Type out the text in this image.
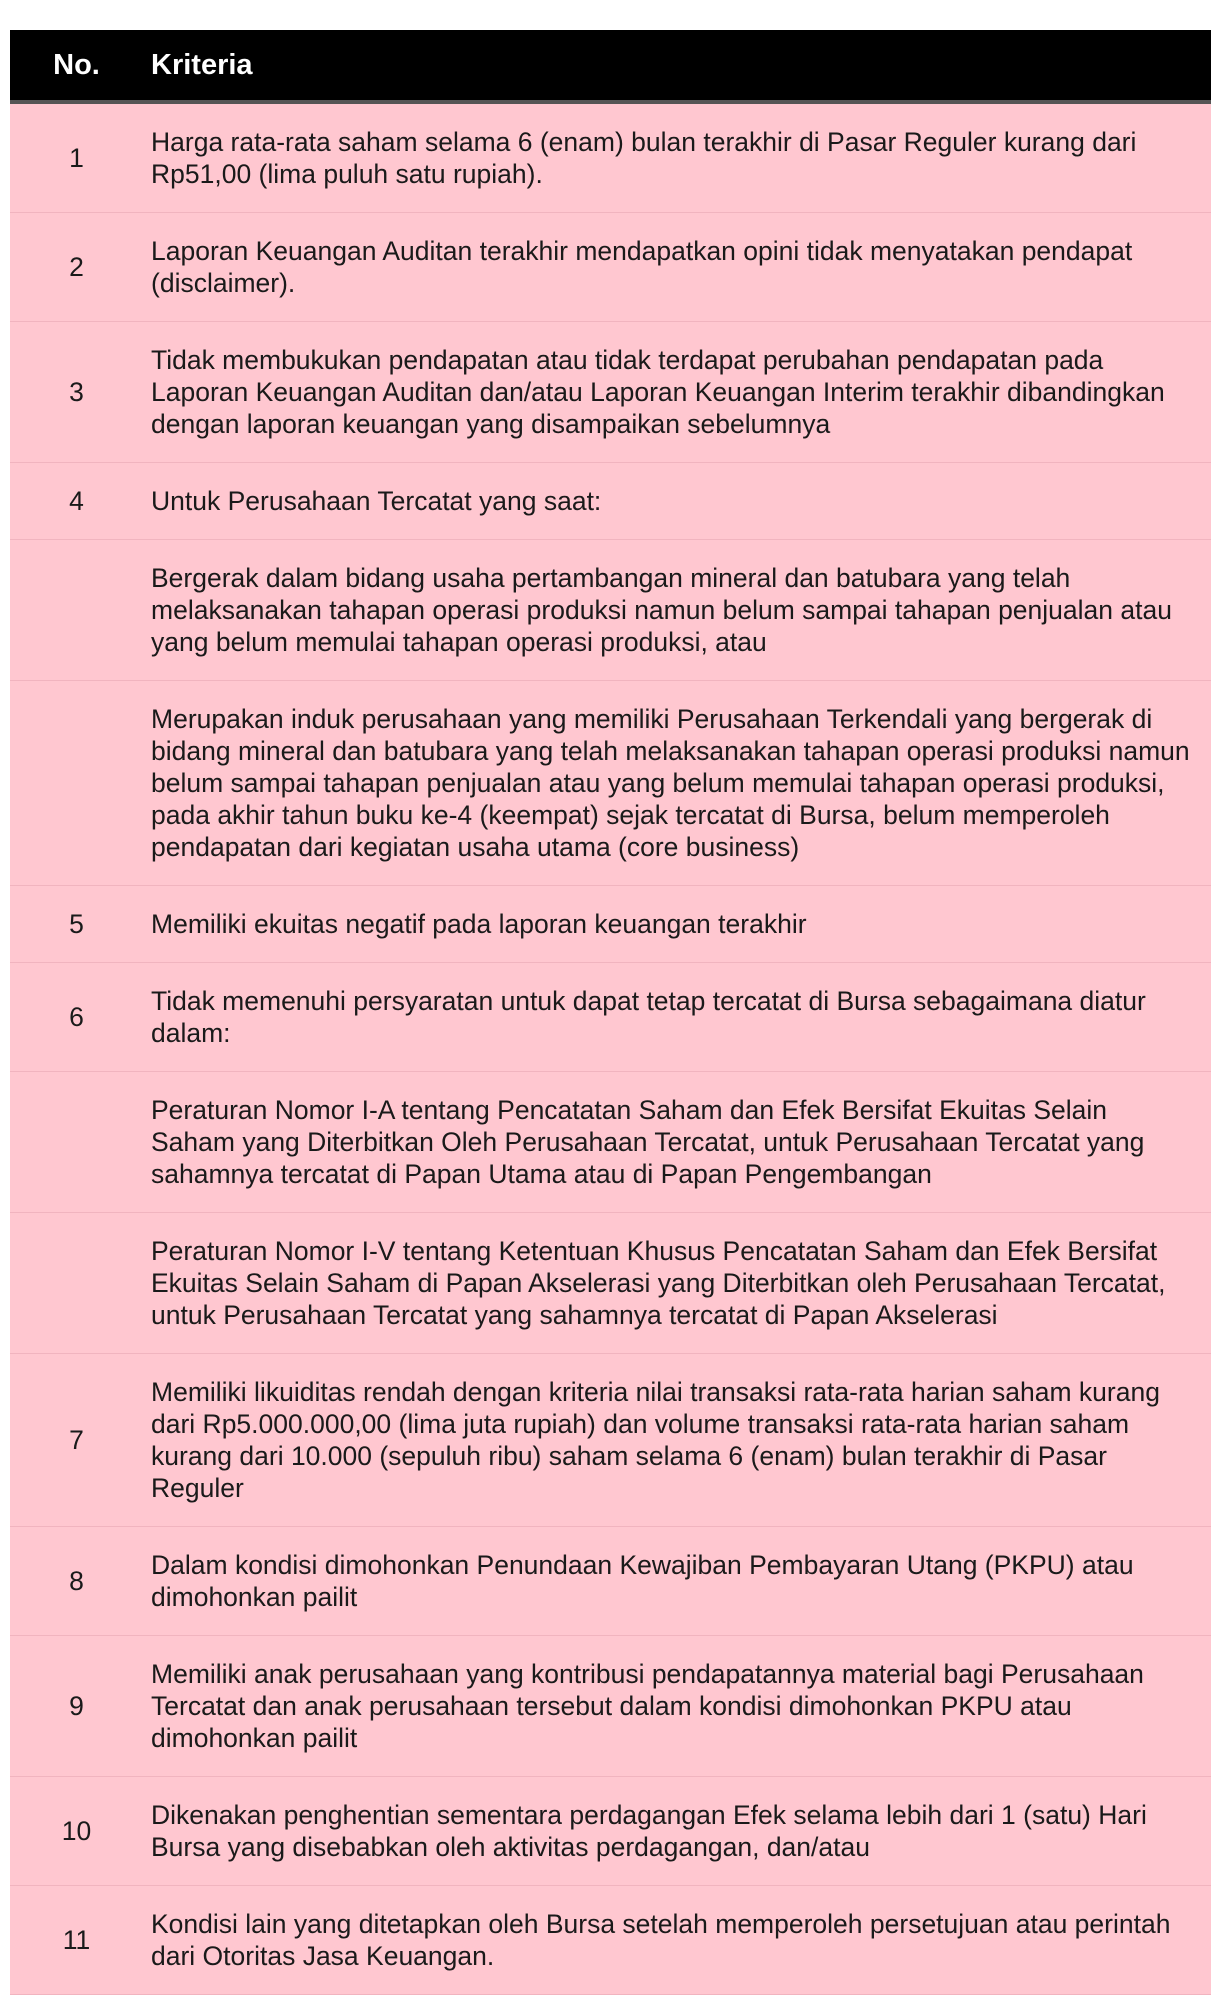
No.	Kriteria
1	Harga rata-rata saham selama 6 (enam) bulan terakhir di Pasar Reguler kurang dari Rp51,00 (lima puluh satu rupiah).
2	Laporan Keuangan Auditan terakhir mendapatkan opini tidak menyatakan pendapat (disclaimer).
3	Tidak membukukan pendapatan atau tidak terdapat perubahan pendapatan pada Laporan Keuangan Auditan dan/atau Laporan Keuangan Interim terakhir dibandingkan dengan laporan keuangan yang disampaikan sebelumnya
4	Untuk Perusahaan Tercatat yang saat:
	Bergerak dalam bidang usaha pertambangan mineral dan batubara yang telah melaksanakan tahapan operasi produksi namun belum sampai tahapan penjualan atau yang belum memulai tahapan operasi produksi, atau
	Merupakan induk perusahaan yang memiliki Perusahaan Terkendali yang bergerak di bidang mineral dan batubara yang telah melaksanakan tahapan operasi produksi namun belum sampai tahapan penjualan atau yang belum memulai tahapan operasi produksi, pada akhir tahun buku ke-4 (keempat) sejak tercatat di Bursa, belum memperoleh pendapatan dari kegiatan usaha utama (core business)
5	Memiliki ekuitas negatif pada laporan keuangan terakhir
6	Tidak memenuhi persyaratan untuk dapat tetap tercatat di Bursa sebagaimana diatur dalam:
	Peraturan Nomor I-A tentang Pencatatan Saham dan Efek Bersifat Ekuitas Selain Saham yang Diterbitkan Oleh Perusahaan Tercatat, untuk Perusahaan Tercatat yang sahamnya tercatat di Papan Utama atau di Papan Pengembangan
	Peraturan Nomor I-V tentang Ketentuan Khusus Pencatatan Saham dan Efek Bersifat Ekuitas Selain Saham di Papan Akselerasi yang Diterbitkan oleh Perusahaan Tercatat, untuk Perusahaan Tercatat yang sahamnya tercatat di Papan Akselerasi
7	Memiliki likuiditas rendah dengan kriteria nilai transaksi rata-rata harian saham kurang dari Rp5.000.000,00 (lima juta rupiah) dan volume transaksi rata-rata harian saham kurang dari 10.000 (sepuluh ribu) saham selama 6 (enam) bulan terakhir di Pasar Reguler
8	Dalam kondisi dimohonkan Penundaan Kewajiban Pembayaran Utang (PKPU) atau dimohonkan pailit
9	Memiliki anak perusahaan yang kontribusi pendapatannya material bagi Perusahaan Tercatat dan anak perusahaan tersebut dalam kondisi dimohonkan PKPU atau dimohonkan pailit
10	Dikenakan penghentian sementara perdagangan Efek selama lebih dari 1 (satu) Hari Bursa yang disebabkan oleh aktivitas perdagangan, dan/atau
11	Kondisi lain yang ditetapkan oleh Bursa setelah memperoleh persetujuan atau perintah dari Otoritas Jasa Keuangan.
